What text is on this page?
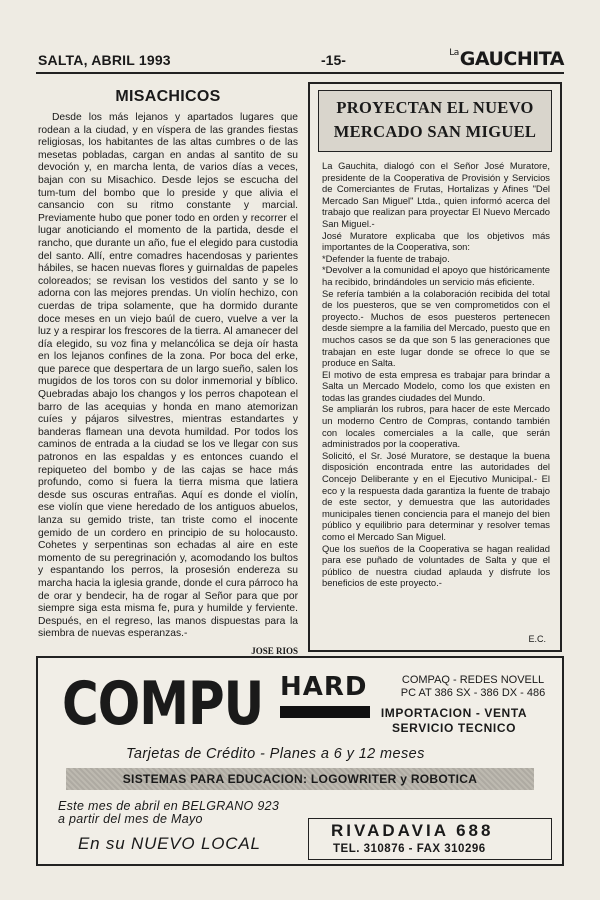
SALTA, ABRIL 1993	-15-	$^{La}$GAUCHITA
MISACHICOS

Desde los más lejanos y apartados lugares que rodean a la ciudad, y en víspera de las grandes fiestas religiosas, los habitantes de las altas cumbres o de las mesetas pobladas, cargan en andas al santito de su devoción y, en marcha lenta, de varios días a veces, bajan con su Misachico. Desde lejos se escucha del tum-tum del bombo que lo preside y que alivia el cansancio con su ritmo constante y marcial. Previamente hubo que poner todo en orden y recorrer el lugar anoticiando el momento de la partida, desde el rancho, que durante un año, fue el elegido para custodia del santo. Allí, entre comadres hacendosas y parientes hábiles, se hacen nuevas flores y guirnaldas de papeles coloreados; se revisan los vestidos del santo y se lo adorna con las mejores prendas. Un violín hechizo, con cuerdas de tripa solamente, que ha dormido durante doce meses en un viejo baúl de cuero, vuelve a ver la luz y a respirar los frescores de la tierra. Al amanecer del día elegido, su voz fina y melancólica se deja oír hasta en los lejanos confines de la zona. Por boca del erke, que parece que despertara de un largo sueño, salen los mugidos de los toros con su dolor inmemorial y bíblico. Quebradas abajo los changos y los perros chapotean el barro de las acequias y honda en mano atemorizan cuíes y pájaros silvestres, mientras estandartes y banderas flamean una devota humildad. Por todos los caminos de entrada a la ciudad se los ve llegar con sus patronos en las espaldas y es entonces cuando el repiqueteo del bombo y de las cajas se hace más profundo, como si fuera la tierra misma que latiera desde sus oscuras entrañas. Aquí es donde el violín, ese violín que viene heredado de los antiguos abuelos, lanza su gemido triste, tan triste como el inocente gemido de un cordero en principio de su holocausto. Cohetes y serpentinas son echadas al aire en este momento de su peregrinación y, acomodando los bultos y espantando los perros, la prosesión endereza su marcha hacia la iglesia grande, donde el cura párroco ha de orar y bendecir, ha de rogar al Señor para que por siempre siga esta misma fe, pura y humilde y ferviente. Después, en el regreso, las manos dispuestas para la siembra de nuevas esperanzas.-

JOSE RIOS
PROYECTAN EL NUEVO
MERCADO SAN MIGUEL

La Gauchita, dialogó con el Señor José Muratore, presidente de la Cooperativa de Provisión y Servicios de Comerciantes de Frutas, Hortalizas y Afines "Del Mercado San Miguel" Ltda., quien informó acerca del trabajo que realizan para proyectar El Nuevo Mercado San Miguel.-

José Muratore explicaba que los objetivos más importantes de la Cooperativa, son:

*Defender la fuente de trabajo.

*Devolver a la comunidad el apoyo que históricamente ha recibido, brindándoles un servicio más eficiente.

Se refería también a la colaboración recibida del total de los puesteros, que se ven comprometidos con el proyecto.- Muchos de esos puesteros pertenecen desde siempre a la familia del Mercado, puesto que en muchos casos se da que son 5 las generaciones que trabajan en este lugar donde se ofrece lo que se produce en Salta.

El motivo de esta empresa es trabajar para brindar a Salta un Mercado Modelo, como los que existen en todas las grandes ciudades del Mundo.

Se ampliarán los rubros, para hacer de este Mercado un moderno Centro de Compras, contando también con locales comerciales a la calle, que serán administrados por la cooperativa.

Solicitó, el Sr. José Muratore, se destaque la buena disposición encontrada entre las autoridades del Concejo Deliberante y en el Ejecutivo Municipal.- El eco y la respuesta dada garantiza la fuente de trabajo de este sector, y demuestra que las autoridades municipales tienen conciencia para el manejo del bien público y equilibrio para determinar y resolver temas como el Mercado San Miguel.

Que los sueños de la Cooperativa se hagan realidad para ese puñado de voluntades de Salta y que el público de nuestra ciudad aplauda y disfrute los beneficios de este proyecto.-

E.C.
COMPU HARD	COMPAQ - REDES NOVELL
PC AT 386 SX - 386 DX - 486
IMPORTACION - VENTA
SERVICIO TECNICO
Tarjetas de Crédito - Planes a 6 y 12 meses
SISTEMAS PARA EDUCACION: LOGOWRITER y ROBOTICA
Este mes de abril en BELGRANO 923
a partir del mes de Mayo
En su NUEVO LOCAL
RIVADAVIA 688
TEL. 310876 - FAX 310296
